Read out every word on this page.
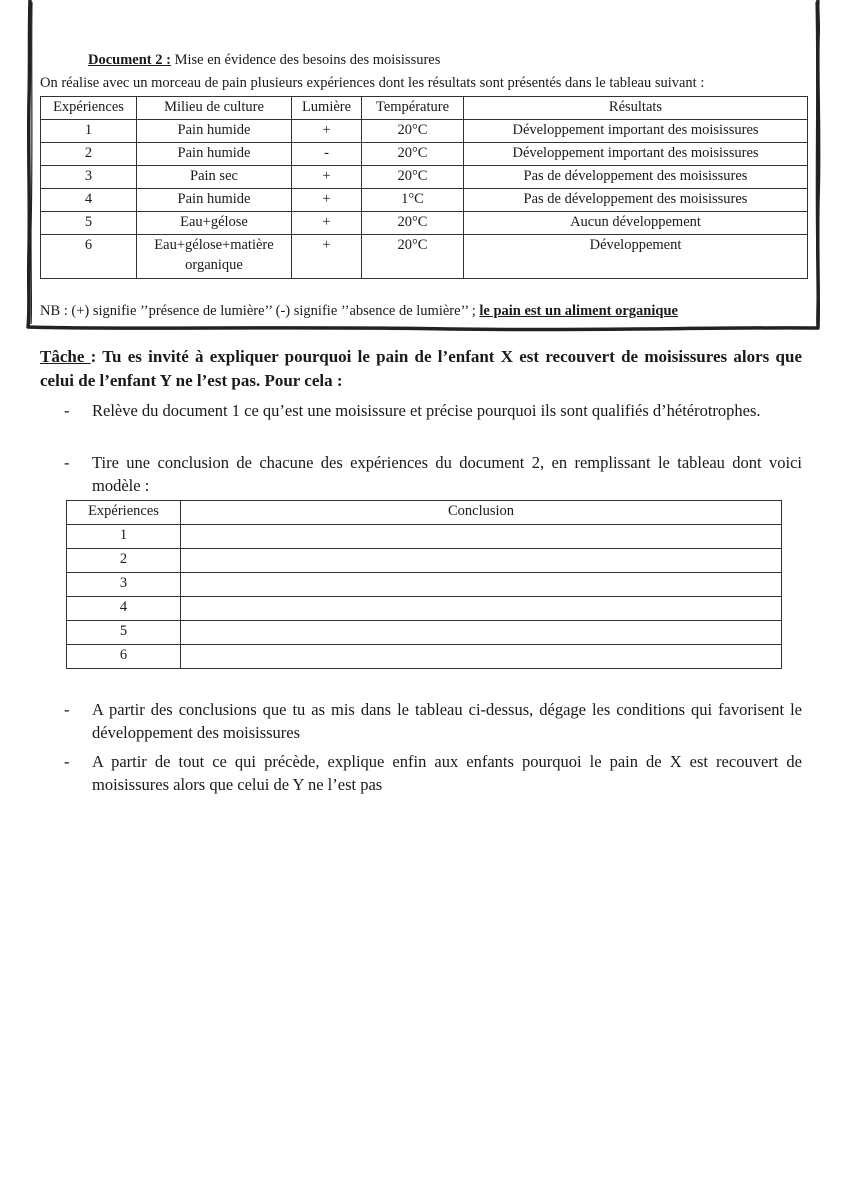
Document 2 : Mise en évidence des besoins des moisissures
On réalise avec un morceau de pain plusieurs expériences dont les résultats sont présentés dans le tableau suivant :
Expériences	Milieu de culture	Lumière	Température	Résultats
1	Pain humide	+	20°C	Développement important des moisissures
2	Pain humide	-	20°C	Développement important des moisissures
3	Pain sec	+	20°C	Pas de développement des moisissures
4	Pain humide	+	1°C	Pas de développement des moisissures
5	Eau+gélose	+	20°C	Aucun développement
6	Eau+gélose+matière organique	+	20°C	Développement
NB : (+) signifie ’’présence de lumière’’ (-) signifie ’’absence de lumière’’ ; le pain est un aliment organique
Tâche : Tu es invité à expliquer pourquoi le pain de l’enfant X est recouvert de moisissures alors que celui de l’enfant Y ne l’est pas. Pour cela :
- Relève du document 1 ce qu’est une moisissure et précise pourquoi ils sont qualifiés d’hétérotrophes.
- Tire une conclusion de chacune des expériences du document 2, en remplissant le tableau dont voici modèle :
Expériences	Conclusion
1	
2	
3	
4	
5	
6	
- A partir des conclusions que tu as mis dans le tableau ci-dessus, dégage les conditions qui favorisent le développement des moisissures
- A partir de tout ce qui précède, explique enfin aux enfants pourquoi le pain de X est recouvert de moisissures alors que celui de Y ne l’est pas
